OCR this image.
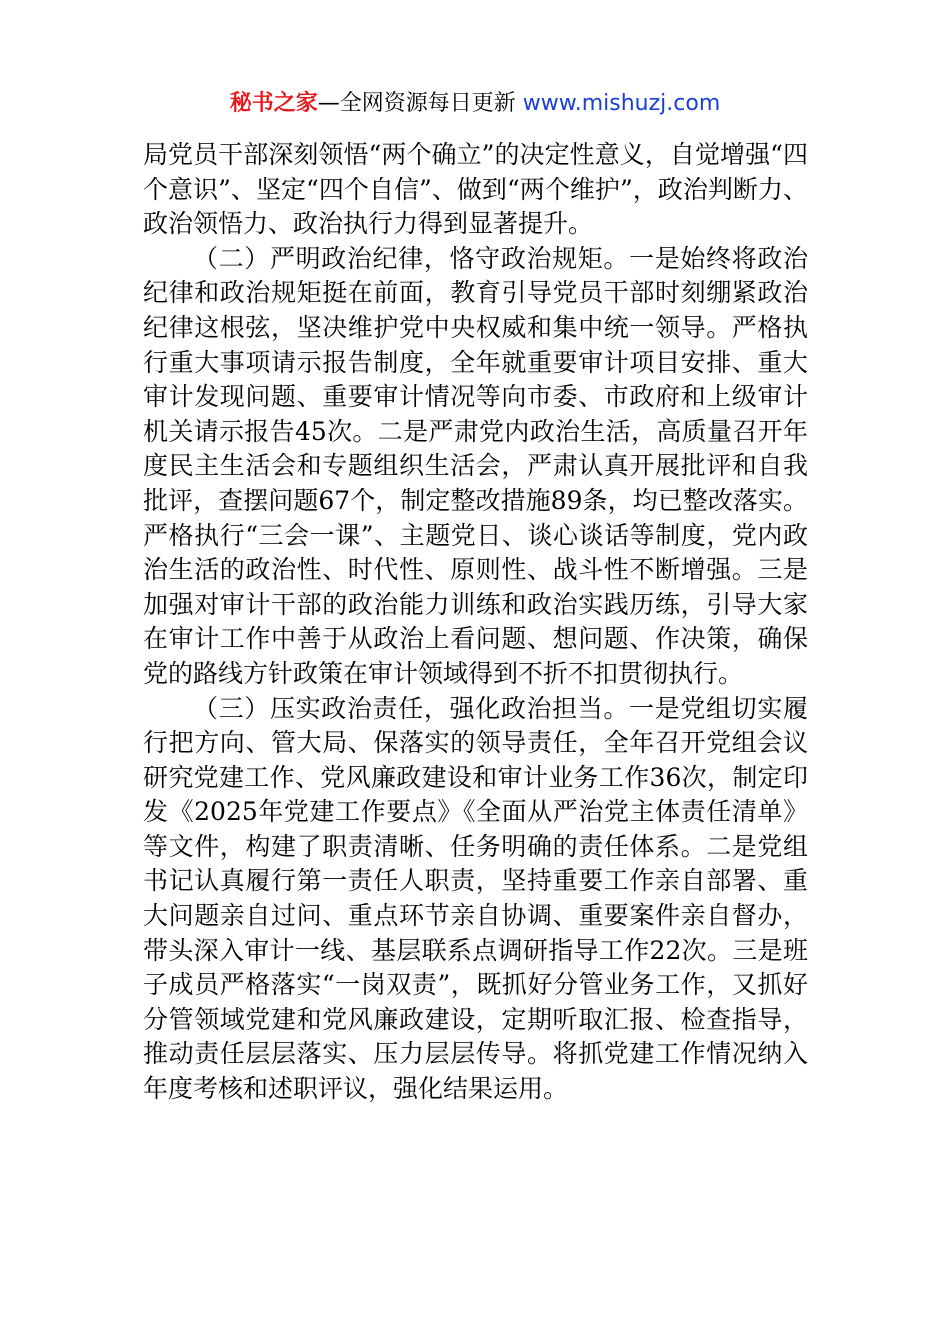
秘书之家—全网资源每日更新 www.mishuzj.com

局党员干部深刻领悟“两个确立”的决定性意义，自觉增强“四个意识”、坚定“四个自信”、做到“两个维护”，政治判断力、政治领悟力、政治执行力得到显著提升。

（二）严明政治纪律，恪守政治规矩。一是始终将政治纪律和政治规矩挺在前面，教育引导党员干部时刻绷紧政治纪律这根弦，坚决维护党中央权威和集中统一领导。严格执行重大事项请示报告制度，全年就重要审计项目安排、重大审计发现问题、重要审计情况等向市委、市政府和上级审计机关请示报告45次。二是严肃党内政治生活，高质量召开年度民主生活会和专题组织生活会，严肃认真开展批评和自我批评，查摆问题67个，制定整改措施89条，均已整改落实。严格执行“三会一课”、主题党日、谈心谈话等制度，党内政治生活的政治性、时代性、原则性、战斗性不断增强。三是加强对审计干部的政治能力训练和政治实践历练，引导大家在审计工作中善于从政治上看问题、想问题、作决策，确保党的路线方针政策在审计领域得到不折不扣贯彻执行。

（三）压实政治责任，强化政治担当。一是党组切实履行把方向、管大局、保落实的领导责任，全年召开党组会议研究党建工作、党风廉政建设和审计业务工作36次，制定印发《2025年党建工作要点》《全面从严治党主体责任清单》等文件，构建了职责清晰、任务明确的责任体系。二是党组书记认真履行第一责任人职责，坚持重要工作亲自部署、重大问题亲自过问、重点环节亲自协调、重要案件亲自督办，带头深入审计一线、基层联系点调研指导工作22次。三是班子成员严格落实“一岗双责”，既抓好分管业务工作，又抓好分管领域党建和党风廉政建设，定期听取汇报、检查指导，推动责任层层落实、压力层层传导。将抓党建工作情况纳入年度考核和述职评议，强化结果运用。
